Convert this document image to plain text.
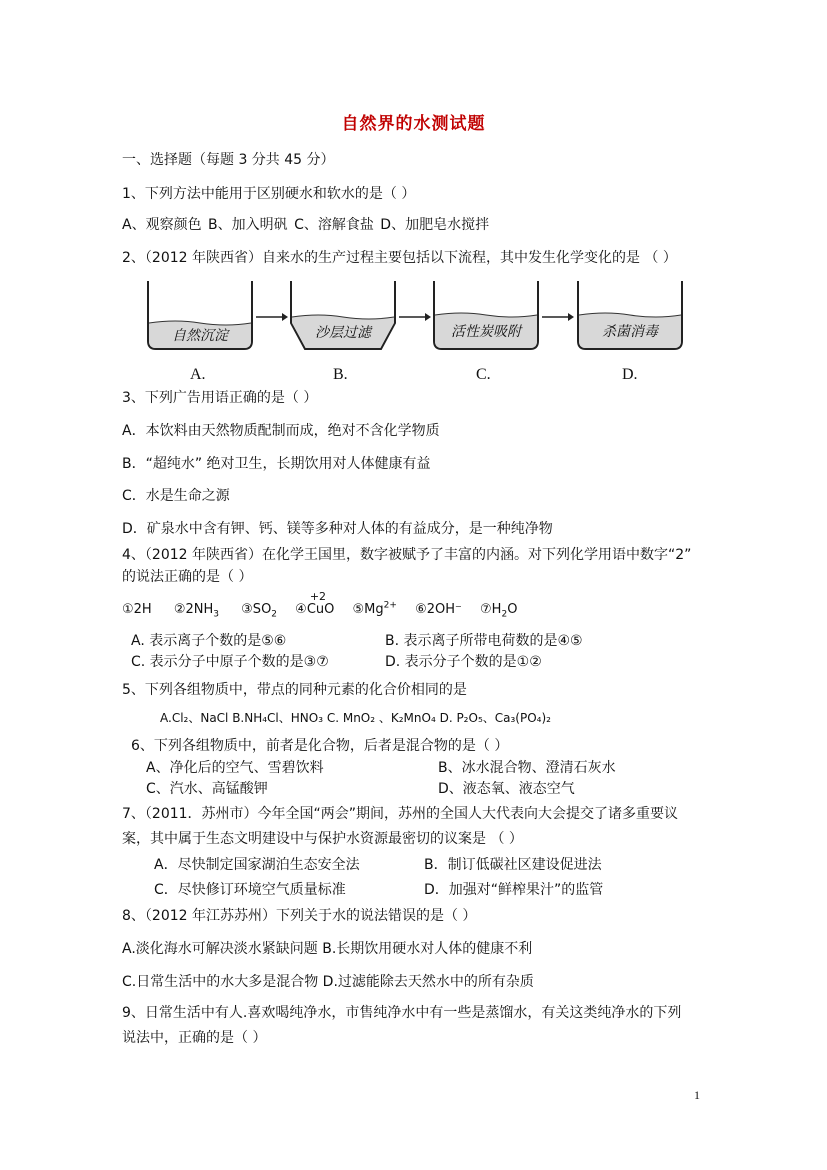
自然界的水测试题
一、选择题（每题 3 分共 45 分）
1、下列方法中能用于区别硬水和软水的是（ ）
A、观察颜色 B、加入明矾 C、溶解食盐 D、加肥皂水搅拌
2、（2012 年陕西省）自来水的生产过程主要包括以下流程，其中发生化学变化的是 （ ）
自然沉淀	沙层过滤	活性炭吸附	杀菌消毒
A.	B.	C.	D.
3、下列广告用语正确的是（ ）
A．本饮料由天然物质配制而成，绝对不含化学物质
B．“超纯水” 绝对卫生，长期饮用对人体健康有益
C．水是生命之源
D．矿泉水中含有钾、钙、镁等多种对人体的有益成分，是一种纯净物
4、（2012 年陕西省）在化学王国里，数字被赋予了丰富的内涵。对下列化学用语中数字“2”
的说法正确的是（ ）
①2H $②2NH_3$ $③SO_2$ ④
+2
CuO $⑤Mg^{2+}$ ⑥2OH⁻ $⑦H_2O$
A. 表示离子个数的是⑤⑥	B. 表示离子所带电荷数的是④⑤
C. 表示分子中原子个数的是③⑦	D. 表示分子个数的是①②
5、下列各组物质中，带点的同种元素的化合价相同的是
A.Cl₂、NaCl B.NH₄Cl、HNO₃ C. MnO₂ 、K₂MnO₄ D. P₂O₅、Ca₃(PO₄)₂
6、下列各组物质中，前者是化合物，后者是混合物的是（ ）
A、净化后的空气、雪碧饮料	B、冰水混合物、澄清石灰水
C、汽水、高锰酸钾	D、液态氧、液态空气
7、（2011．苏州市）今年全国“两会”期间，苏州的全国人大代表向大会提交了诸多重要议
案，其中属于生态文明建设中与保护水资源最密切的议案是 （ ）
A．尽快制定国家湖泊生态安全法	B．制订低碳社区建设促进法
C．尽快修订环境空气质量标准	D．加强对“鲜榨果汁”的监管
8、（2012 年江苏苏州）下列关于水的说法错误的是（ ）
A.淡化海水可解决淡水紧缺问题 B.长期饮用硬水对人体的健康不利
C.日常生活中的水大多是混合物 D.过滤能除去天然水中的所有杂质
9、日常生活中有人.喜欢喝纯净水，市售纯净水中有一些是蒸馏水，有关这类纯净水的下列
说法中，正确的是（ ）
1
